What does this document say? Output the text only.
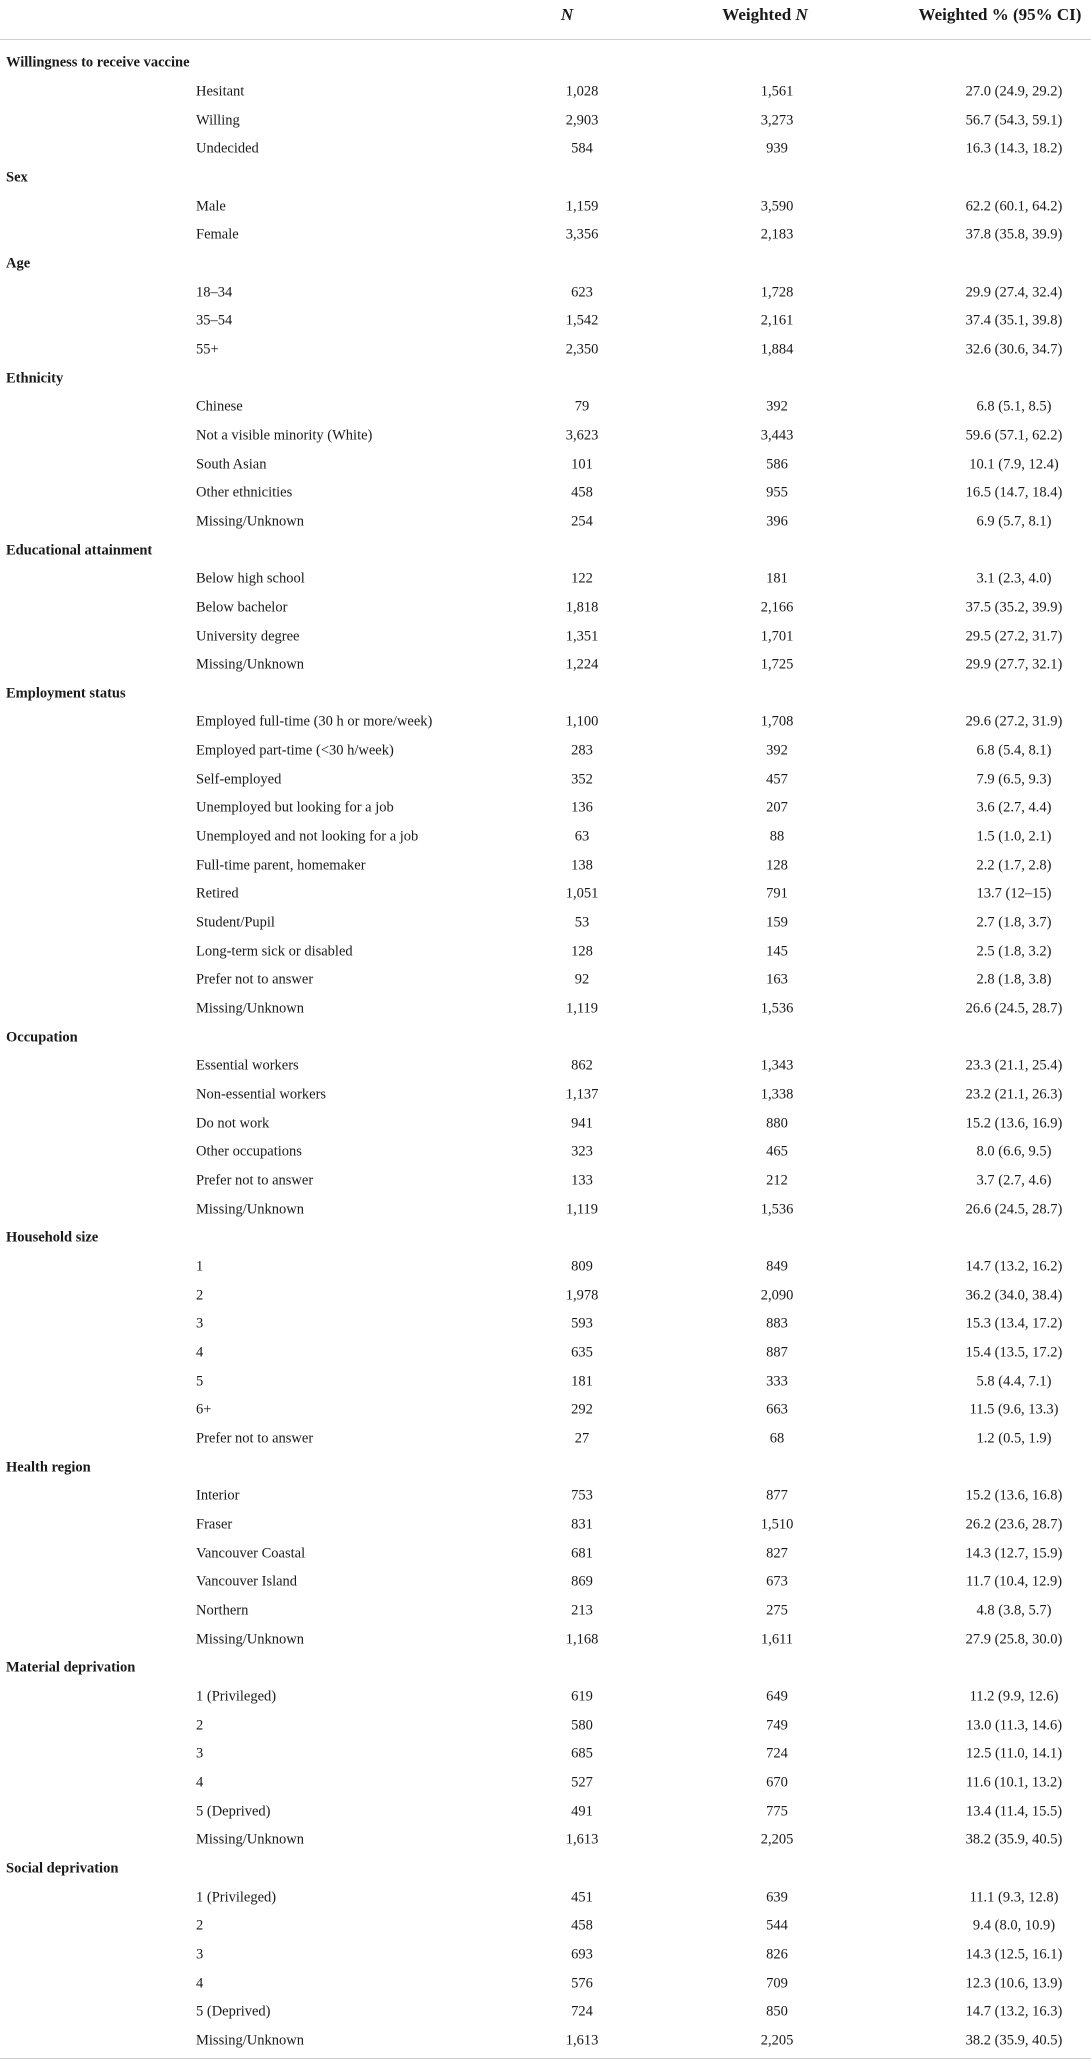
N	Weighted N	Weighted % (95% CI)
Willingness to receive vaccine
Hesitant	1,028	1,561	27.0 (24.9, 29.2)
Willing	2,903	3,273	56.7 (54.3, 59.1)
Undecided	584	939	16.3 (14.3, 18.2)
Sex
Male	1,159	3,590	62.2 (60.1, 64.2)
Female	3,356	2,183	37.8 (35.8, 39.9)
Age
18–34	623	1,728	29.9 (27.4, 32.4)
35–54	1,542	2,161	37.4 (35.1, 39.8)
55+	2,350	1,884	32.6 (30.6, 34.7)
Ethnicity
Chinese	79	392	6.8 (5.1, 8.5)
Not a visible minority (White)	3,623	3,443	59.6 (57.1, 62.2)
South Asian	101	586	10.1 (7.9, 12.4)
Other ethnicities	458	955	16.5 (14.7, 18.4)
Missing/Unknown	254	396	6.9 (5.7, 8.1)
Educational attainment
Below high school	122	181	3.1 (2.3, 4.0)
Below bachelor	1,818	2,166	37.5 (35.2, 39.9)
University degree	1,351	1,701	29.5 (27.2, 31.7)
Missing/Unknown	1,224	1,725	29.9 (27.7, 32.1)
Employment status
Employed full-time (30 h or more/week)	1,100	1,708	29.6 (27.2, 31.9)
Employed part-time (<30 h/week)	283	392	6.8 (5.4, 8.1)
Self-employed	352	457	7.9 (6.5, 9.3)
Unemployed but looking for a job	136	207	3.6 (2.7, 4.4)
Unemployed and not looking for a job	63	88	1.5 (1.0, 2.1)
Full-time parent, homemaker	138	128	2.2 (1.7, 2.8)
Retired	1,051	791	13.7 (12–15)
Student/Pupil	53	159	2.7 (1.8, 3.7)
Long-term sick or disabled	128	145	2.5 (1.8, 3.2)
Prefer not to answer	92	163	2.8 (1.8, 3.8)
Missing/Unknown	1,119	1,536	26.6 (24.5, 28.7)
Occupation
Essential workers	862	1,343	23.3 (21.1, 25.4)
Non-essential workers	1,137	1,338	23.2 (21.1, 26.3)
Do not work	941	880	15.2 (13.6, 16.9)
Other occupations	323	465	8.0 (6.6, 9.5)
Prefer not to answer	133	212	3.7 (2.7, 4.6)
Missing/Unknown	1,119	1,536	26.6 (24.5, 28.7)
Household size
1	809	849	14.7 (13.2, 16.2)
2	1,978	2,090	36.2 (34.0, 38.4)
3	593	883	15.3 (13.4, 17.2)
4	635	887	15.4 (13.5, 17.2)
5	181	333	5.8 (4.4, 7.1)
6+	292	663	11.5 (9.6, 13.3)
Prefer not to answer	27	68	1.2 (0.5, 1.9)
Health region
Interior	753	877	15.2 (13.6, 16.8)
Fraser	831	1,510	26.2 (23.6, 28.7)
Vancouver Coastal	681	827	14.3 (12.7, 15.9)
Vancouver Island	869	673	11.7 (10.4, 12.9)
Northern	213	275	4.8 (3.8, 5.7)
Missing/Unknown	1,168	1,611	27.9 (25.8, 30.0)
Material deprivation
1 (Privileged)	619	649	11.2 (9.9, 12.6)
2	580	749	13.0 (11.3, 14.6)
3	685	724	12.5 (11.0, 14.1)
4	527	670	11.6 (10.1, 13.2)
5 (Deprived)	491	775	13.4 (11.4, 15.5)
Missing/Unknown	1,613	2,205	38.2 (35.9, 40.5)
Social deprivation
1 (Privileged)	451	639	11.1 (9.3, 12.8)
2	458	544	9.4 (8.0, 10.9)
3	693	826	14.3 (12.5, 16.1)
4	576	709	12.3 (10.6, 13.9)
5 (Deprived)	724	850	14.7 (13.2, 16.3)
Missing/Unknown	1,613	2,205	38.2 (35.9, 40.5)
